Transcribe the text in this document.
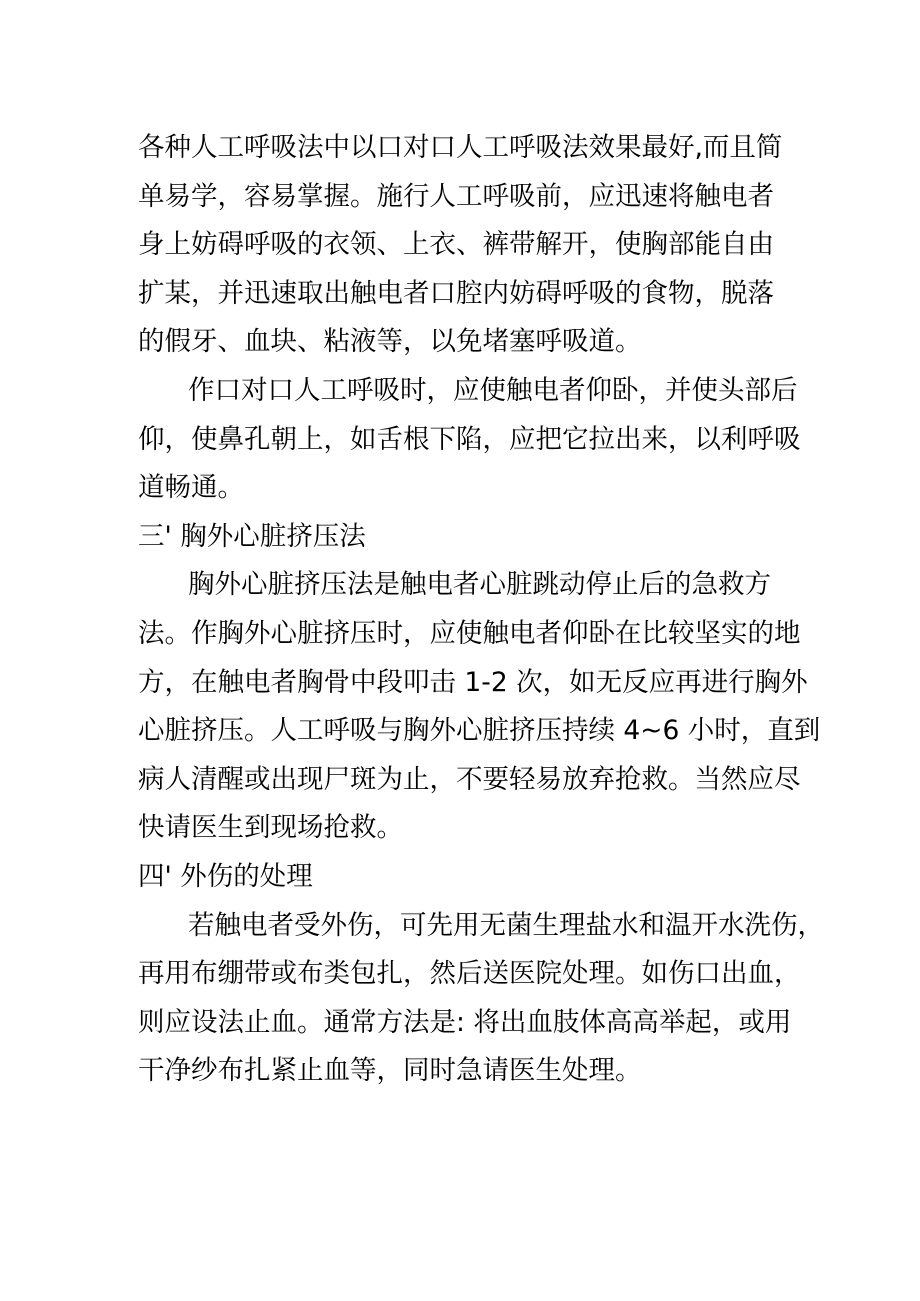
各种人工呼吸法中以口对口人工呼吸法效果最好,而且简

单易学，容易掌握。施行人工呼吸前，应迅速将触电者

身上妨碍呼吸的衣领、上衣、裤带解开，使胸部能自由

扩某，并迅速取出触电者口腔内妨碍呼吸的食物，脱落

的假牙、血块、粘液等，以免堵塞呼吸道。

作口对口人工呼吸时，应使触电者仰卧，并使头部后

仰，使鼻孔朝上，如舌根下陷，应把它拉出来，以利呼吸

道畅通。

三' 胸外心脏挤压法

胸外心脏挤压法是触电者心脏跳动停止后的急救方

法。作胸外心脏挤压时，应使触电者仰卧在比较坚实的地

方，在触电者胸骨中段叩击 1-2 次，如无反应再进行胸外

心脏挤压。人工呼吸与胸外心脏挤压持续 4~6 小时，直到

病人清醒或出现尸斑为止，不要轻易放弃抢救。当然应尽

快请医生到现场抢救。

四' 外伤的处理

若触电者受外伤，可先用无菌生理盐水和温开水洗伤，

再用布绷带或布类包扎，然后送医院处理。如伤口出血，

则应设法止血。通常方法是: 将出血肢体高高举起，或用

干净纱布扎紧止血等，同时急请医生处理。
